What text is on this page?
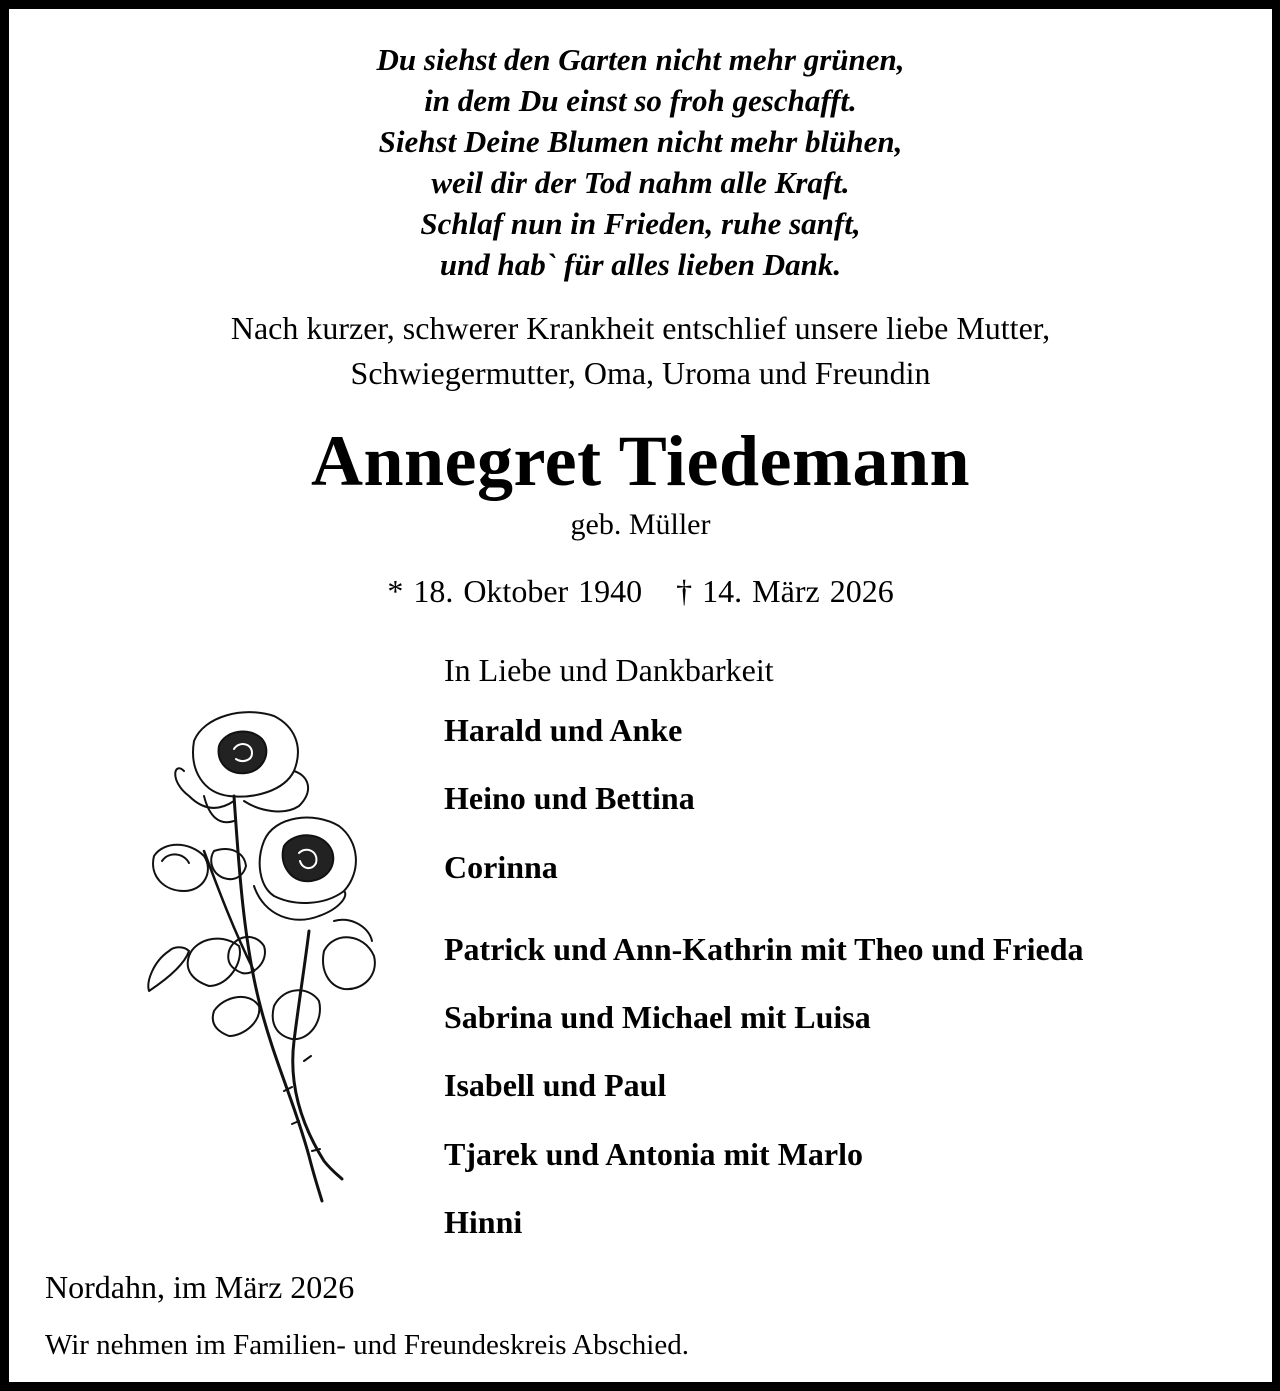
Du siehst den Garten nicht mehr grünen,
in dem Du einst so froh geschafft.
Siehst Deine Blumen nicht mehr blühen,
weil dir der Tod nahm alle Kraft.
Schlaf nun in Frieden, ruhe sanft,
und hab` für alles lieben Dank.
Nach kurzer, schwerer Krankheit entschlief unsere liebe Mutter,
Schwiegermutter, Oma, Uroma und Freundin
Annegret Tiedemann
geb. Müller
* 18. Oktober 1940 † 14. März 2026
In Liebe und Dankbarkeit
Harald und Anke
Heino und Bettina
Corinna
Patrick und Ann-Kathrin mit Theo und Frieda
Sabrina und Michael mit Luisa
Isabell und Paul
Tjarek und Antonia mit Marlo
Hinni
Nordahn, im März 2026
Wir nehmen im Familien- und Freundeskreis Abschied.
